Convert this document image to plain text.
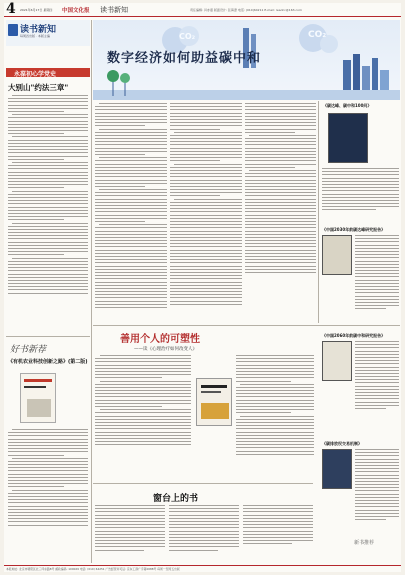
4 2021年6月17日 星期四 中国文化报 读书新知	责任编辑: 肖亦嘉 版面设计: 张海澄 电话: (010)64211 E-mail: readcc@163.com
读书新知
每周四出版 · 本版主编
永葆初心学党史
大别山"约法三章"
好书新荐
《有机农业科技创新之路》(第二版)
CO₂	CO₂
数字经济如何助益碳中和
《碳达峰、碳中和100问》
《中国2030年前碳达峰研究报告》
《中国2060年前碳中和研究报告》
《碳排放权交易机制》
新书推荐
善用个人的可塑性
——读《心理治疗如何改变人》
窗台上的书
本报地址: 北京市朝阳区北三环东路8号 邮政编码: 100029 电话: (010) 64251 广告经营许可证: 京东工商广字第0088号 每周一至周五出版
